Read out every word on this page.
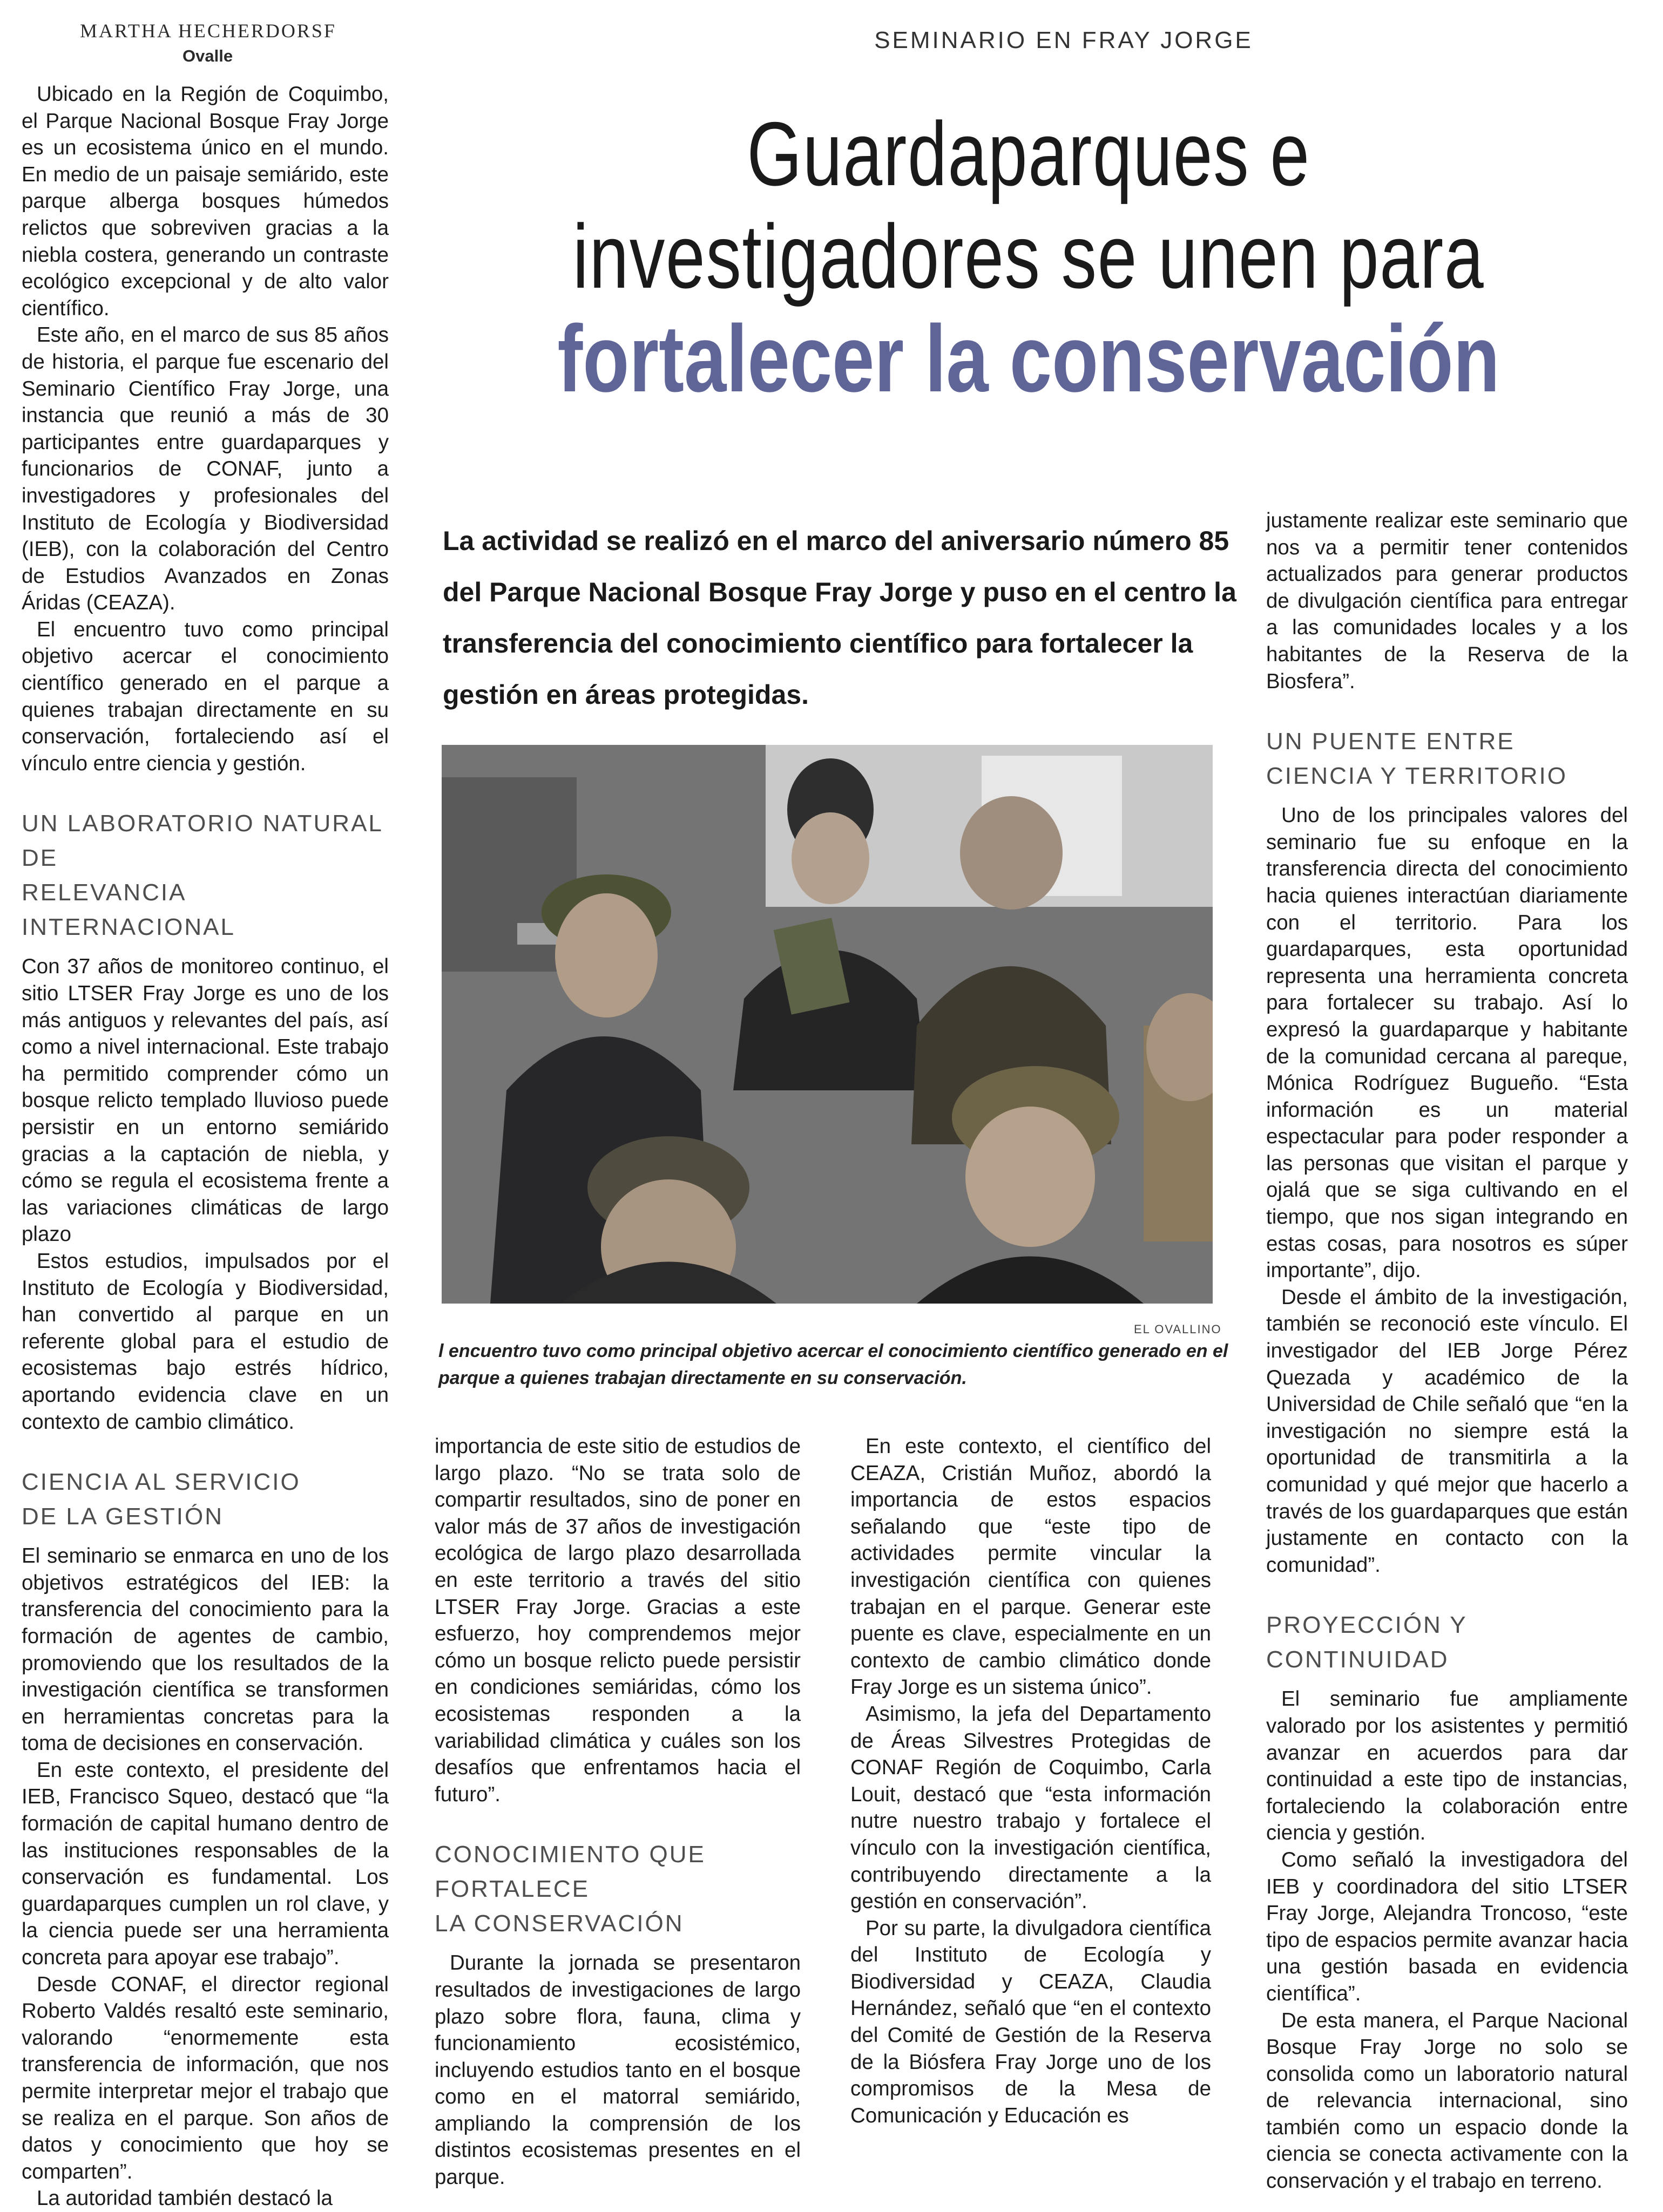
MARTHA HECHERDORSF
Ovalle
SEMINARIO EN FRAY JORGE
Guardaparques e
investigadores se unen para
fortalecer la conservación
La actividad se realizó en el marco del aniversario número 85
del Parque Nacional Bosque Fray Jorge y puso en el centro la
transferencia del conocimiento científico para fortalecer la
gestión en áreas protegidas.

Ubicado en la Región de Coquimbo, el Parque Nacional Bosque Fray Jorge es un ecosistema único en el mundo. En medio de un paisaje semiárido, este parque alberga bosques húmedos relictos que sobreviven gracias a la niebla costera, generando un contraste ecológico excepcional y de alto valor científico.

Este año, en el marco de sus 85 años de historia, el parque fue escenario del Seminario Científico Fray Jorge, una instancia que reunió a más de 30 participantes entre guardaparques y funcionarios de CONAF, junto a investigadores y profesionales del Instituto de Ecología y Biodiversidad (IEB), con la colaboración del Centro de Estudios Avanzados en Zonas Áridas (CEAZA).

El encuentro tuvo como principal objetivo acercar el conocimiento científico generado en el parque a quienes trabajan directamente en su conservación, fortaleciendo así el vínculo entre ciencia y gestión.

UN LABORATORIO NATURAL DE
RELEVANCIA INTERNACIONAL

Con 37 años de monitoreo continuo, el sitio LTSER Fray Jorge es uno de los más antiguos y relevantes del país, así como a nivel internacional. Este trabajo ha permitido comprender cómo un bosque relicto templado lluvioso puede persistir en un entorno semiárido gracias a la captación de niebla, y cómo se regula el ecosistema frente a las variaciones climáticas de largo plazo

Estos estudios, impulsados por el Instituto de Ecología y Biodiversidad, han convertido al parque en un referente global para el estudio de ecosistemas bajo estrés hídrico, aportando evidencia clave en un contexto de cambio climático.

CIENCIA AL SERVICIO
DE LA GESTIÓN

El seminario se enmarca en uno de los objetivos estratégicos del IEB: la transferencia del conocimiento para la formación de agentes de cambio, promoviendo que los resultados de la investigación científica se transformen en herramientas concretas para la toma de decisiones en conservación.

En este contexto, el presidente del IEB, Francisco Squeo, destacó que “la formación de capital humano dentro de las instituciones responsables de la conservación es fundamental. Los guardaparques cumplen un rol clave, y la ciencia puede ser una herramienta concreta para apoyar ese trabajo”.

Desde CONAF, el director regional Roberto Valdés resaltó este seminario, valorando “enormemente esta transferencia de información, que nos permite interpretar mejor el trabajo que se realiza en el parque. Son años de datos y conocimiento que hoy se comparten”.

La autoridad también destacó la

EL OVALLINO
l encuentro tuvo como principal objetivo acercar el conocimiento científico generado en el
parque a quienes trabajan directamente en su conservación.

importancia de este sitio de estudios de largo plazo. “No se trata solo de compartir resultados, sino de poner en valor más de 37 años de investigación ecológica de largo plazo desarrollada en este territorio a través del sitio LTSER Fray Jorge. Gracias a este esfuerzo, hoy comprendemos mejor cómo un bosque relicto puede persistir en condiciones semiáridas, cómo los ecosistemas responden a la variabilidad climática y cuáles son los desafíos que enfrentamos hacia el futuro”.

CONOCIMIENTO QUE FORTALECE
LA CONSERVACIÓN

Durante la jornada se presentaron resultados de investigaciones de largo plazo sobre flora, fauna, clima y funcionamiento ecosistémico, incluyendo estudios tanto en el bosque como en el matorral semiárido, ampliando la comprensión de los distintos ecosistemas presentes en el parque.

En este contexto, el científico del CEAZA, Cristián Muñoz, abordó la importancia de estos espacios señalando que “este tipo de actividades permite vincular la investigación científica con quienes trabajan en el parque. Generar este puente es clave, especialmente en un contexto de cambio climático donde Fray Jorge es un sistema único”.

Asimismo, la jefa del Departamento de Áreas Silvestres Protegidas de CONAF Región de Coquimbo, Carla Louit, destacó que “esta información nutre nuestro trabajo y fortalece el vínculo con la investigación científica, contribuyendo directamente a la gestión en conservación”.

Por su parte, la divulgadora científica del Instituto de Ecología y Biodiversidad y CEAZA, Claudia Hernández, señaló que “en el contexto del Comité de Gestión de la Reserva de la Biósfera Fray Jorge uno de los compromisos de la Mesa de Comunicación y Educación es

justamente realizar este seminario que nos va a permitir tener contenidos actualizados para generar productos de divulgación científica para entregar a las comunidades locales y a los habitantes de la Reserva de la Biosfera”.

UN PUENTE ENTRE
CIENCIA Y TERRITORIO

Uno de los principales valores del seminario fue su enfoque en la transferencia directa del conocimiento hacia quienes interactúan diariamente con el territorio. Para los guardaparques, esta oportunidad representa una herramienta concreta para fortalecer su trabajo. Así lo expresó la guardaparque y habitante de la comunidad cercana al pareque, Mónica Rodríguez Bugueño. “Esta información es un material espectacular para poder responder a las personas que visitan el parque y ojalá que se siga cultivando en el tiempo, que nos sigan integrando en estas cosas, para nosotros es súper importante”, dijo.

Desde el ámbito de la investigación, también se reconoció este vínculo. El investigador del IEB Jorge Pérez Quezada y académico de la Universidad de Chile señaló que “en la investigación no siempre está la oportunidad de transmitirla a la comunidad y qué mejor que hacerlo a través de los guardaparques que están justamente en contacto con la comunidad”.

PROYECCIÓN Y CONTINUIDAD

El seminario fue ampliamente valorado por los asistentes y permitió avanzar en acuerdos para dar continuidad a este tipo de instancias, fortaleciendo la colaboración entre ciencia y gestión.

Como señaló la investigadora del IEB y coordinadora del sitio LTSER Fray Jorge, Alejandra Troncoso, “este tipo de espacios permite avanzar hacia una gestión basada en evidencia científica”.

De esta manera, el Parque Nacional Bosque Fray Jorge no solo se consolida como un laboratorio natural de relevancia internacional, sino también como un espacio donde la ciencia se conecta activamente con la conservación y el trabajo en terreno.
